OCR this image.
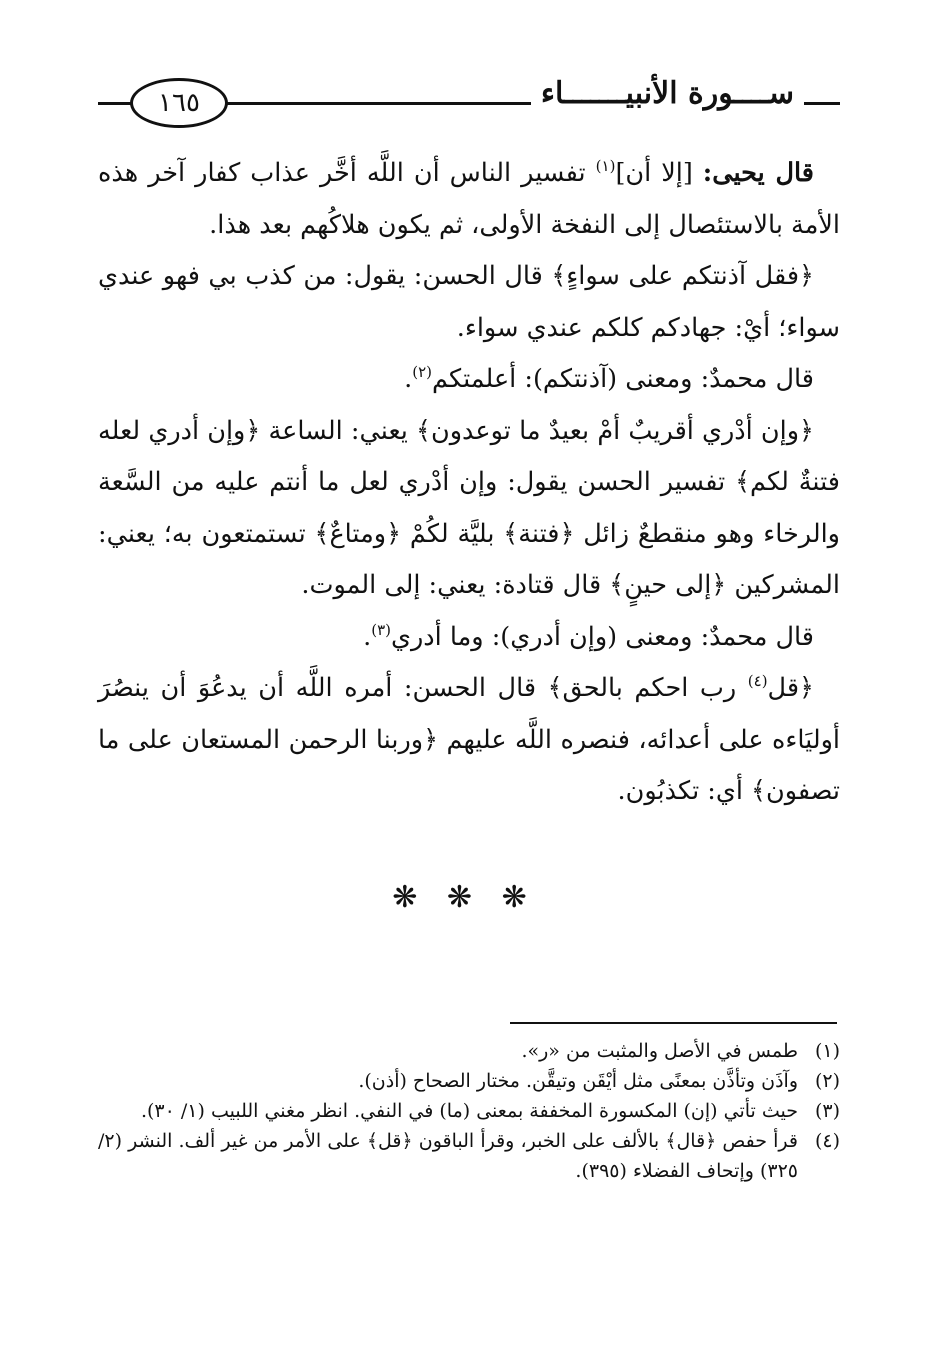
ســــورة الأنبيـــــــاء
١٦٥

قال يحيى: [إلا أن]$^{(١)}$ تفسير الناس أن اللَّه أخَّر عذاب كفار آخر هذه الأمة بالاستئصال إلى النفخة الأولى، ثم يكون هلاكُهم بعد هذا.

﴿فقل آذنتكم على سواءٍ﴾ قال الحسن: يقول: من كذب بي فهو عندي سواء؛ أيْ: جهادكم كلكم عندي سواء.

قال محمدٌ: ومعنى (آذنتكم): أعلمتكم$^{(٢)}$.

﴿وإن أدْري أقريبٌ أمْ بعيدٌ ما توعدون﴾ يعني: الساعة ﴿وإن أدري لعله فتنةٌ لكم﴾ تفسير الحسن يقول: وإن أدْري لعل ما أنتم عليه من السَّعة والرخاء وهو منقطعٌ زائل ﴿فتنة﴾ بليَّة لكُمْ ﴿ومتاعٌ﴾ تستمتعون به؛ يعني: المشركين ﴿إلى حينٍ﴾ قال قتادة: يعني: إلى الموت.

قال محمدٌ: ومعنى (وإن أدري): وما أدري$^{(٣)}$.

﴿قل$^{(٤)}$ رب احكم بالحق﴾ قال الحسن: أمره اللَّه أن يدعُوَ أن ينصُرَ أوليَاءه على أعدائه، فنصره اللَّه عليهم ﴿وربنا الرحمن المستعان على ما تصفون﴾ أي: تكذبُون.

❋ ❋ ❋
(١)
طمس في الأصل والمثبت من «ر».
(٢)
وآذَن وتأذَّن بمعنًى مثل أيْقَن وتيقَّن. مختار الصحاح (أذن).
(٣)
حيث تأتي (إن) المكسورة المخففة بمعنى (ما) في النفي. انظر مغني اللبيب (١/ ٣٠).
(٤)
قرأ حفص ﴿قال﴾ بالألف على الخبر، وقرأ الباقون ﴿قل﴾ على الأمر من غير ألف. النشر (٢/ ٣٢٥) وإتحاف الفضلاء (٣٩٥).
